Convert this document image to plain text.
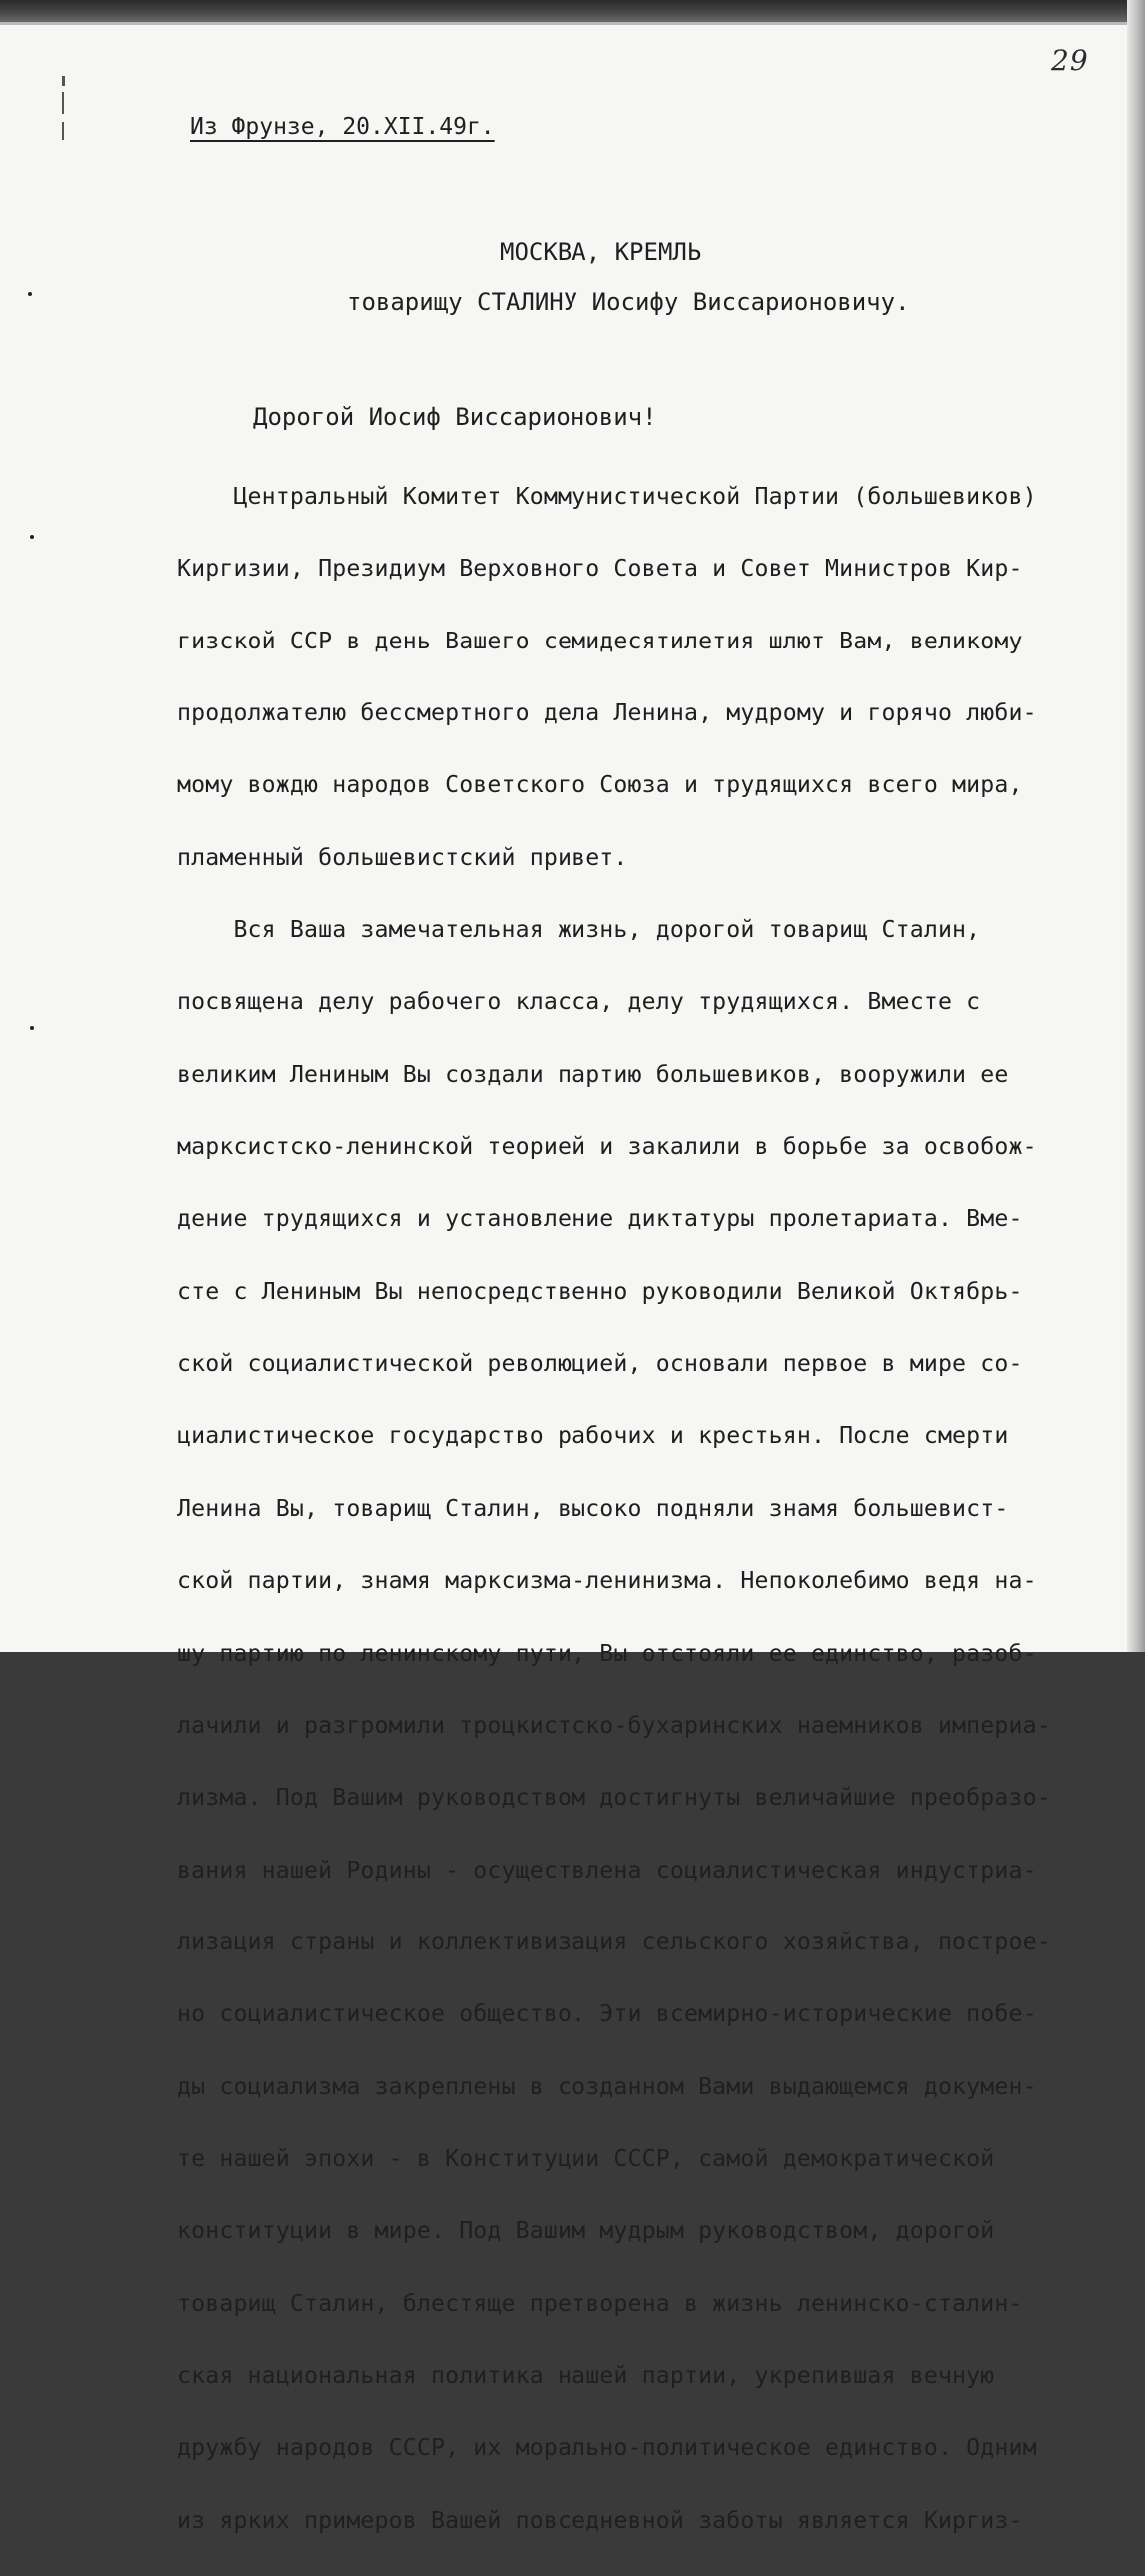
29
Из Фрунзе, 20.XII.49г.
МОСКВА, КРЕМЛЬ
товарищу СТАЛИНУ Иосифу Виссарионовичу.
Дорогой Иосиф Виссарионович!

Центральный Комитет Коммунистической Партии (большевиков)

Киргизии, Президиум Верховного Совета и Совет Министров Кир-

гизской ССР в день Вашего семидесятилетия шлют Вам, великому

продолжателю бессмертного дела Ленина, мудрому и горячо люби-

мому вождю народов Советского Союза и трудящихся всего мира,

пламенный большевистский привет.

Вся Ваша замечательная жизнь, дорогой товарищ Сталин,

посвящена делу рабочего класса, делу трудящихся. Вместе с

великим Лениным Вы создали партию большевиков, вооружили ее

марксистско-ленинской теорией и закалили в борьбе за освобож-

дение трудящихся и установление диктатуры пролетариата. Вме-

сте с Лениным Вы непосредственно руководили Великой Октябрь-

ской социалистической революцией, основали первое в мире со-

циалистическое государство рабочих и крестьян. После смерти

Ленина Вы, товарищ Сталин, высоко подняли знамя большевист-

ской партии, знамя марксизма-ленинизма. Непоколебимо ведя на-

шу партию по ленинскому пути, Вы отстояли ее единство, разоб-

лачили и разгромили троцкистско-бухаринских наемников империа-

лизма. Под Вашим руководством достигнуты величайшие преобразо-

вания нашей Родины - осуществлена социалистическая индустриа-

лизация страны и коллективизация сельского хозяйства, построе-

но социалистическое общество. Эти всемирно-исторические побе-

ды социализма закреплены в созданном Вами выдающемся докумен-

те нашей эпохи - в Конституции СССР, самой демократической

конституции в мире. Под Вашим мудрым руководством, дорогой

товарищ Сталин, блестяще претворена в жизнь ленинско-сталин-

ская национальная политика нашей партии, укрепившая вечную

дружбу народов СССР, их морально-политическое единство. Одним

из ярких примеров Вашей повседневной заботы является Киргиз-
